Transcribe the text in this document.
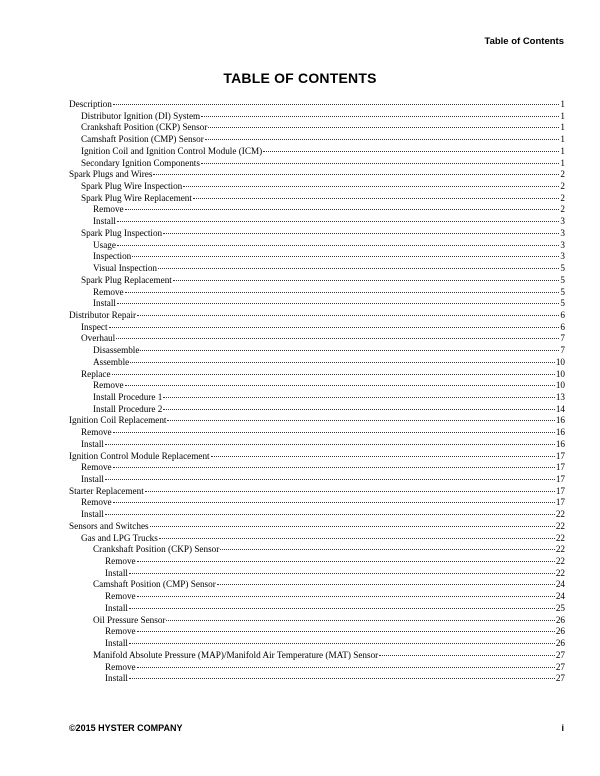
Table of Contents
TABLE OF CONTENTS
Description	1
Distributor Ignition (DI) System	1
Crankshaft Position (CKP) Sensor	1
Camshaft Position (CMP) Sensor	1
Ignition Coil and Ignition Control Module (ICM)	1
Secondary Ignition Components	1
Spark Plugs and Wires	2
Spark Plug Wire Inspection	2
Spark Plug Wire Replacement	2
Remove	2
Install	3
Spark Plug Inspection	3
Usage	3
Inspection	3
Visual Inspection	5
Spark Plug Replacement	5
Remove	5
Install	5
Distributor Repair	6
Inspect	6
Overhaul	7
Disassemble	7
Assemble	10
Replace	10
Remove	10
Install Procedure 1	13
Install Procedure 2	14
Ignition Coil Replacement	16
Remove	16
Install	16
Ignition Control Module Replacement	17
Remove	17
Install	17
Starter Replacement	17
Remove	17
Install	22
Sensors and Switches	22
Gas and LPG Trucks	22
Crankshaft Position (CKP) Sensor	22
Remove	22
Install	22
Camshaft Position (CMP) Sensor	24
Remove	24
Install	25
Oil Pressure Sensor	26
Remove	26
Install	26
Manifold Absolute Pressure (MAP)/Manifold Air Temperature (MAT) Sensor	27
Remove	27
Install	27
©2015 HYSTER COMPANY	i
